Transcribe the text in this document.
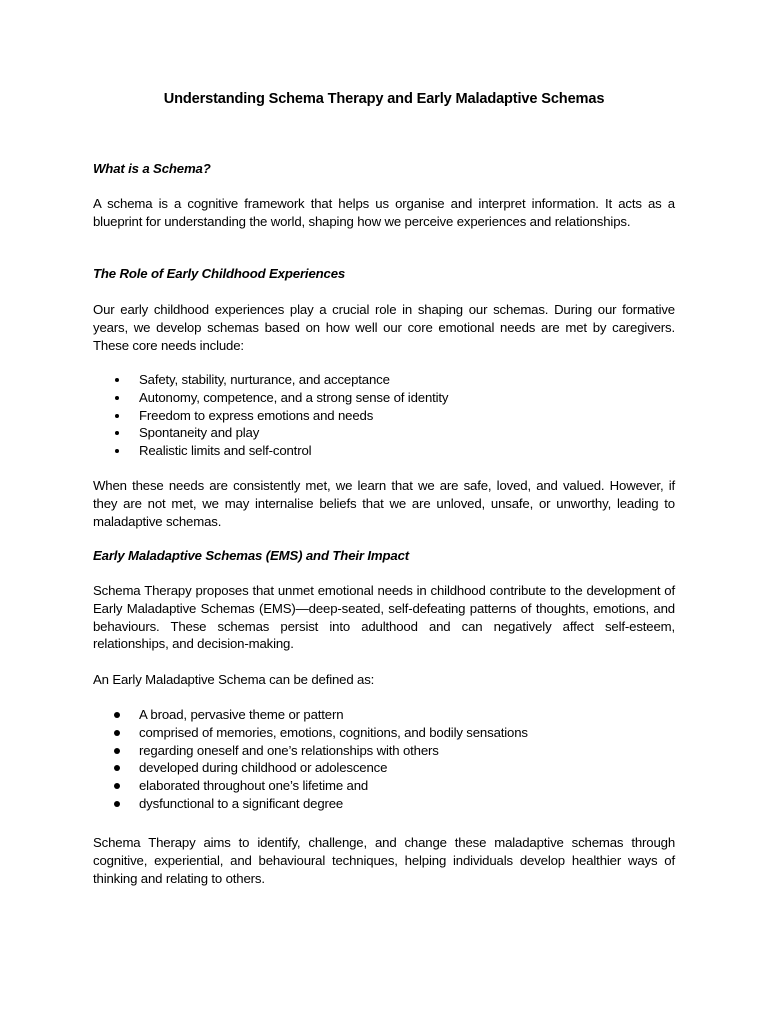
Understanding Schema Therapy and Early Maladaptive Schemas
What is a Schema?

A schema is a cognitive framework that helps us organise and interpret information. It acts as a blueprint for understanding the world, shaping how we perceive experiences and relationships.

The Role of Early Childhood Experiences

Our early childhood experiences play a crucial role in shaping our schemas. During our formative years, we develop schemas based on how well our core emotional needs are met by caregivers. These core needs include:

Safety, stability, nurturance, and acceptance
Autonomy, competence, and a strong sense of identity
Freedom to express emotions and needs
Spontaneity and play
Realistic limits and self-control

When these needs are consistently met, we learn that we are safe, loved, and valued. However, if they are not met, we may internalise beliefs that we are unloved, unsafe, or unworthy, leading to maladaptive schemas.

Early Maladaptive Schemas (EMS) and Their Impact

Schema Therapy proposes that unmet emotional needs in childhood contribute to the development of Early Maladaptive Schemas (EMS)—deep-seated, self-defeating patterns of thoughts, emotions, and behaviours. These schemas persist into adulthood and can negatively affect self-esteem, relationships, and decision-making.

An Early Maladaptive Schema can be defined as:

A broad, pervasive theme or pattern
comprised of memories, emotions, cognitions, and bodily sensations
regarding oneself and one’s relationships with others
developed during childhood or adolescence
elaborated throughout one’s lifetime and
dysfunctional to a significant degree

Schema Therapy aims to identify, challenge, and change these maladaptive schemas through cognitive, experiential, and behavioural techniques, helping individuals develop healthier ways of thinking and relating to others.
